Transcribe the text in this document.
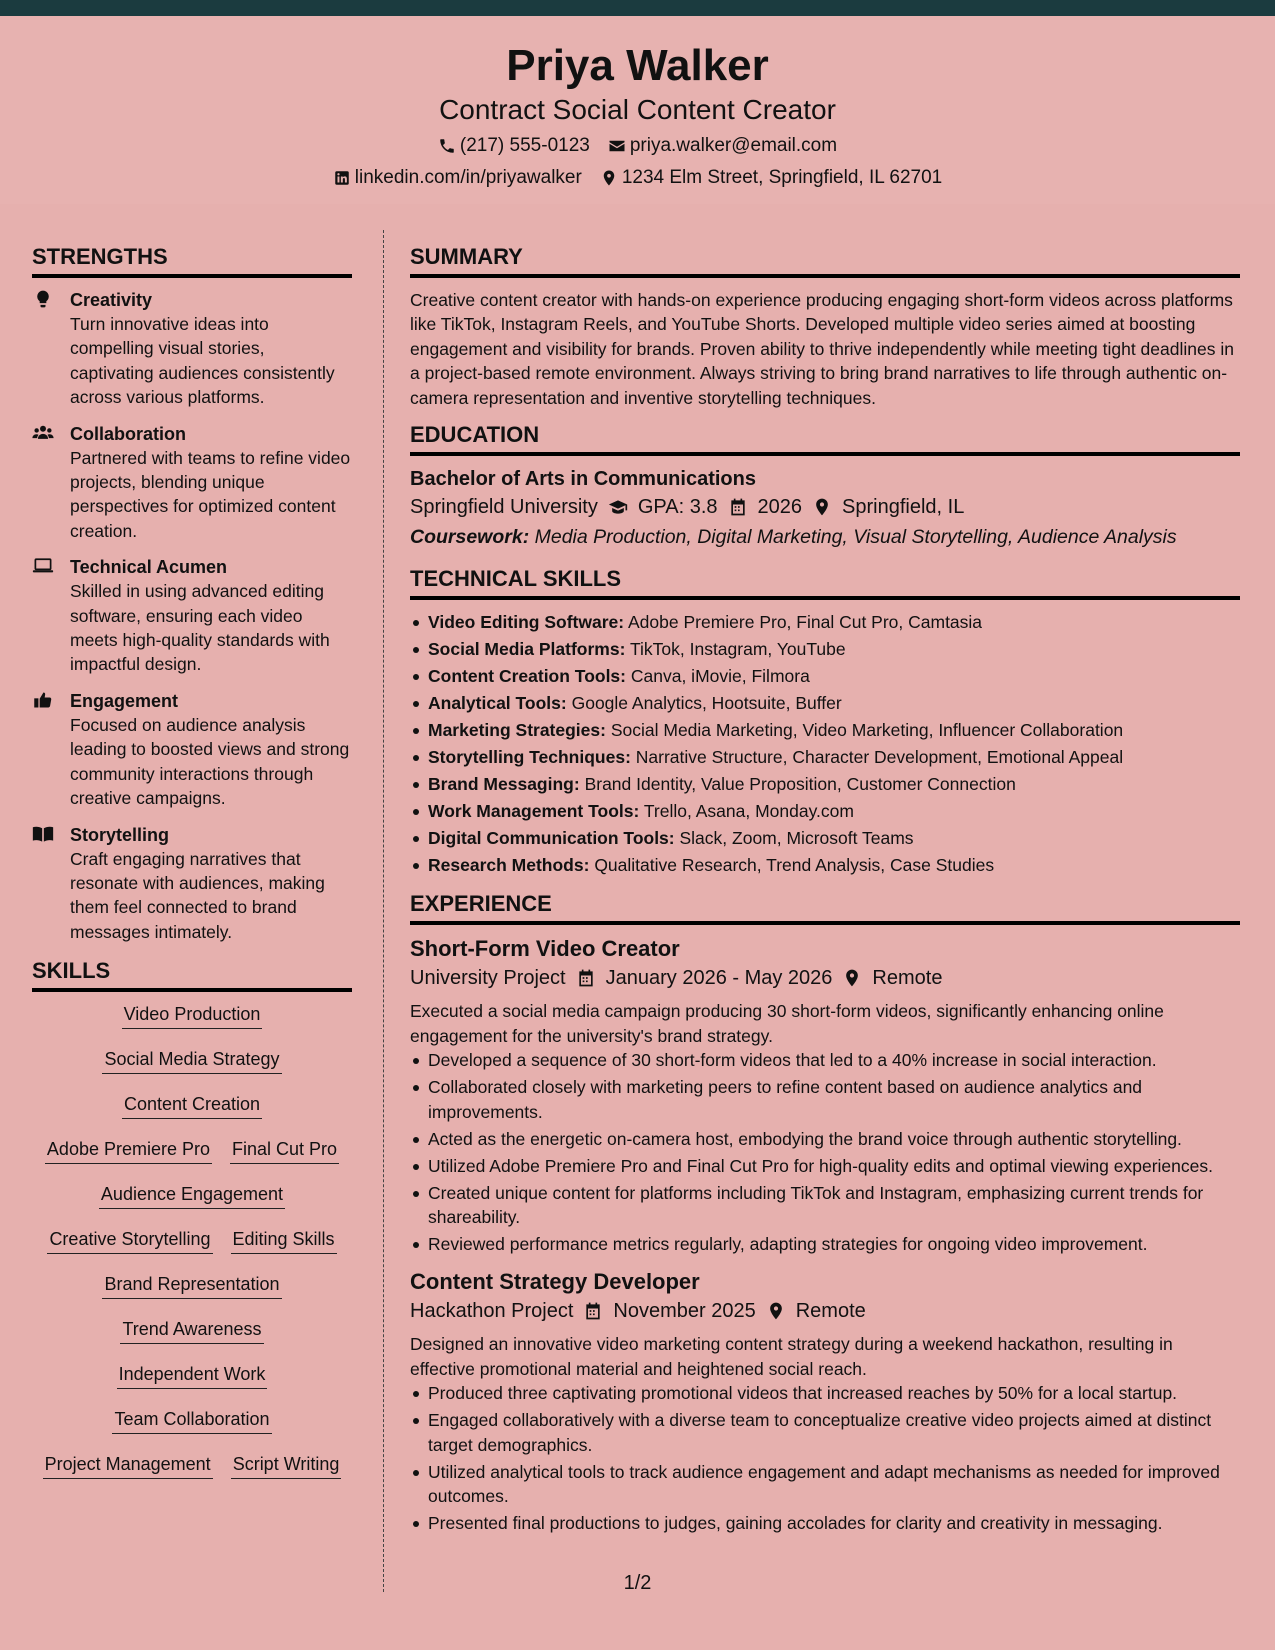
Priya Walker
Contract Social Content Creator
(217) 555-0123 priya.walker@email.com
linkedin.com/in/priyawalker 1234 Elm Street, Springfield, IL 62701
STRENGTHS
Creativity
Turn innovative ideas into compelling visual stories, captivating audiences consistently across various platforms.
Collaboration
Partnered with teams to refine video projects, blending unique perspectives for optimized content creation.
Technical Acumen
Skilled in using advanced editing software, ensuring each video meets high-quality standards with impactful design.
Engagement
Focused on audience analysis leading to boosted views and strong community interactions through creative campaigns.
Storytelling
Craft engaging narratives that resonate with audiences, making them feel connected to brand messages intimately.
SKILLS
Video Production
Social Media Strategy
Content Creation
Adobe Premiere Pro Final Cut Pro
Audience Engagement
Creative Storytelling Editing Skills
Brand Representation
Trend Awareness
Independent Work
Team Collaboration
Project Management Script Writing
SUMMARY
Creative content creator with hands-on experience producing engaging short-form videos across platforms like TikTok, Instagram Reels, and YouTube Shorts. Developed multiple video series aimed at boosting engagement and visibility for brands. Proven ability to thrive independently while meeting tight deadlines in a project-based remote environment. Always striving to bring brand narratives to life through authentic on-camera representation and inventive storytelling techniques.
EDUCATION
Bachelor of Arts in Communications
Springfield University GPA: 3.8 2026 Springfield, IL
Coursework: Media Production, Digital Marketing, Visual Storytelling, Audience Analysis
TECHNICAL SKILLS
Video Editing Software: Adobe Premiere Pro, Final Cut Pro, Camtasia
Social Media Platforms: TikTok, Instagram, YouTube
Content Creation Tools: Canva, iMovie, Filmora
Analytical Tools: Google Analytics, Hootsuite, Buffer
Marketing Strategies: Social Media Marketing, Video Marketing, Influencer Collaboration
Storytelling Techniques: Narrative Structure, Character Development, Emotional Appeal
Brand Messaging: Brand Identity, Value Proposition, Customer Connection
Work Management Tools: Trello, Asana, Monday.com
Digital Communication Tools: Slack, Zoom, Microsoft Teams
Research Methods: Qualitative Research, Trend Analysis, Case Studies
EXPERIENCE
Short-Form Video Creator
University Project January 2026 - May 2026 Remote
Executed a social media campaign producing 30 short-form videos, significantly enhancing online engagement for the university's brand strategy.
Developed a sequence of 30 short-form videos that led to a 40% increase in social interaction.
Collaborated closely with marketing peers to refine content based on audience analytics and improvements.
Acted as the energetic on-camera host, embodying the brand voice through authentic storytelling.
Utilized Adobe Premiere Pro and Final Cut Pro for high-quality edits and optimal viewing experiences.
Created unique content for platforms including TikTok and Instagram, emphasizing current trends for shareability.
Reviewed performance metrics regularly, adapting strategies for ongoing video improvement.
Content Strategy Developer
Hackathon Project November 2025 Remote
Designed an innovative video marketing content strategy during a weekend hackathon, resulting in effective promotional material and heightened social reach.
Produced three captivating promotional videos that increased reaches by 50% for a local startup.
Engaged collaboratively with a diverse team to conceptualize creative video projects aimed at distinct target demographics.
Utilized analytical tools to track audience engagement and adapt mechanisms as needed for improved outcomes.
Presented final productions to judges, gaining accolades for clarity and creativity in messaging.
1/2
